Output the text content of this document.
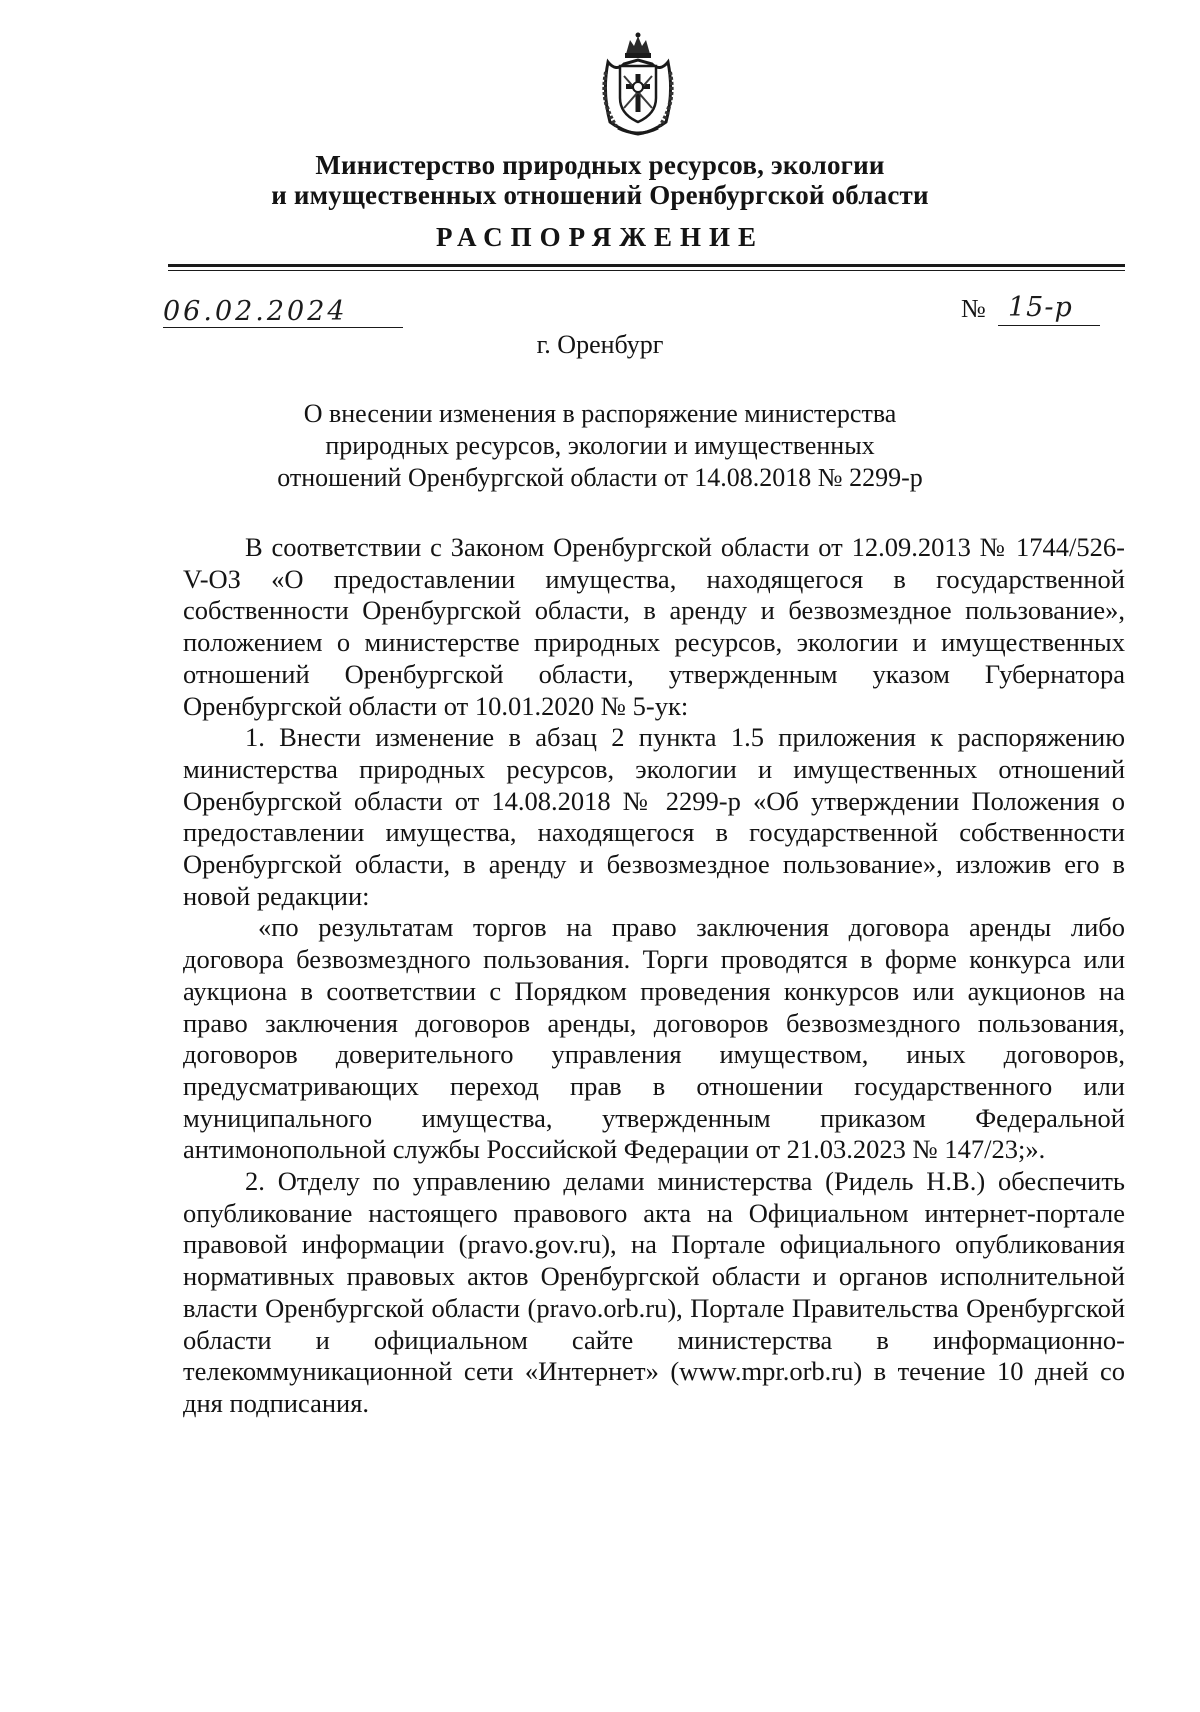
Министерство природных ресурсов, экологии
и имущественных отношений Оренбургской области
РАСПОРЯЖЕНИЕ
06.02.2024	№ 15-р
г. Оренбург
О внесении изменения в распоряжение министерства
природных ресурсов, экологии и имущественных
отношений Оренбургской области от 14.08.2018 № 2299-р

В соответствии с Законом Оренбургской области от 12.09.2013 № 1744/526-V-ОЗ «О предоставлении имущества, находящегося в государственной собственности Оренбургской области, в аренду и безвозмездное пользование», положением о министерстве природных ресурсов, экологии и имущественных отношений Оренбургской области, утвержденным указом Губернатора Оренбургской области от 10.01.2020 № 5-ук:

1. Внести изменение в абзац 2 пункта 1.5 приложения к распоряжению министерства природных ресурсов, экологии и имущественных отношений Оренбургской области от 14.08.2018 № 2299-р «Об утверждении Положения о предоставлении имущества, находящегося в государственной собственности Оренбургской области, в аренду и безвозмездное пользование», изложив его в новой редакции:

«по результатам торгов на право заключения договора аренды либо договора безвозмездного пользования. Торги проводятся в форме конкурса или аукциона в соответствии с Порядком проведения конкурсов или аукционов на право заключения договоров аренды, договоров безвозмездного пользования, договоров доверительного управления имуществом, иных договоров, предусматривающих переход прав в отношении государственного или муниципального имущества, утвержденным приказом Федеральной антимонопольной службы Российской Федерации от 21.03.2023 № 147/23;».

2. Отделу по управлению делами министерства (Ридель Н.В.) обеспечить опубликование настоящего правового акта на Официальном интернет-портале правовой информации (pravo.gov.ru), на Портале официального опубликования нормативных правовых актов Оренбургской области и органов исполнительной власти Оренбургской области (pravo.orb.ru), Портале Правительства Оренбургской области и официальном сайте министерства в информационно-телекоммуникационной сети «Интернет» (www.mpr.orb.ru) в течение 10 дней со дня подписания.
